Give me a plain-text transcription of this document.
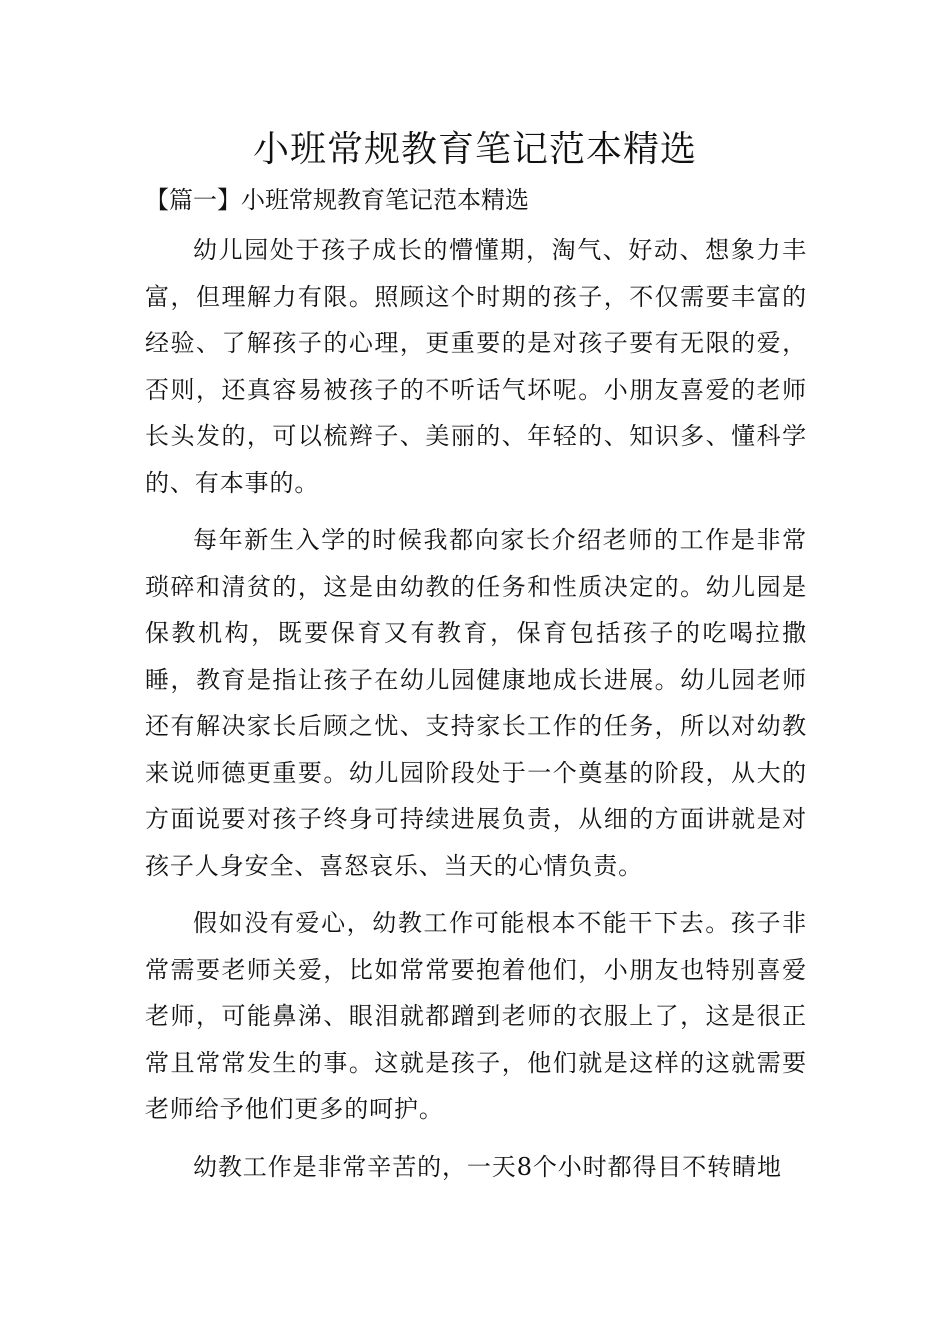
小班常规教育笔记范本精选
【篇一】小班常规教育笔记范本精选

幼儿园处于孩子成长的懵懂期，淘气、好动、想象力丰富，但理解力有限。照顾这个时期的孩子，不仅需要丰富的经验、了解孩子的心理，更重要的是对孩子要有无限的爱，否则，还真容易被孩子的不听话气坏呢。小朋友喜爱的老师长头发的，可以梳辫子、美丽的、年轻的、知识多、懂科学的、有本事的。

每年新生入学的时候我都向家长介绍老师的工作是非常琐碎和清贫的，这是由幼教的任务和性质决定的。幼儿园是保教机构，既要保育又有教育，保育包括孩子的吃喝拉撒睡，教育是指让孩子在幼儿园健康地成长进展。幼儿园老师还有解决家长后顾之忧、支持家长工作的任务，所以对幼教来说师德更重要。幼儿园阶段处于一个奠基的阶段，从大的方面说要对孩子终身可持续进展负责，从细的方面讲就是对孩子人身安全、喜怒哀乐、当天的心情负责。

假如没有爱心，幼教工作可能根本不能干下去。孩子非常需要老师关爱，比如常常要抱着他们，小朋友也特别喜爱老师，可能鼻涕、眼泪就都蹭到老师的衣服上了，这是很正常且常常发生的事。这就是孩子，他们就是这样的这就需要老师给予他们更多的呵护。

幼教工作是非常辛苦的，一天8个小时都得目不转睛地
